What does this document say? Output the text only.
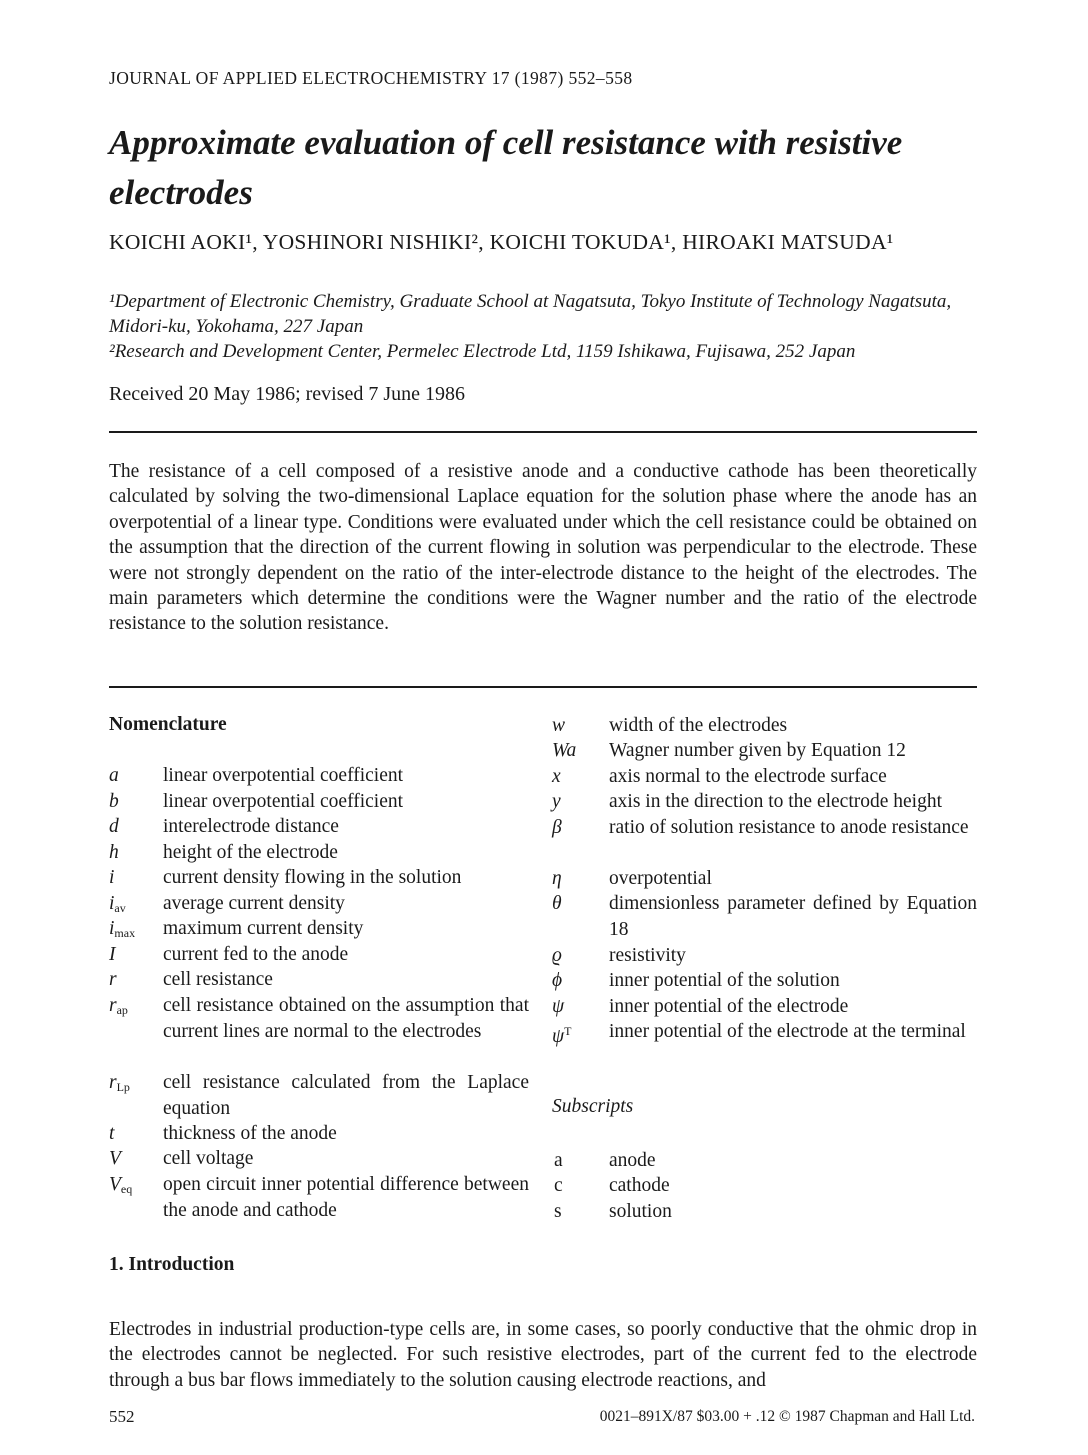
JOURNAL OF APPLIED ELECTROCHEMISTRY 17 (1987) 552–558
Approximate evaluation of cell resistance with resistive electrodes
KOICHI AOKI¹, YOSHINORI NISHIKI², KOICHI TOKUDA¹, HIROAKI MATSUDA¹
¹Department of Electronic Chemistry, Graduate School at Nagatsuta, Tokyo Institute of Technology Nagatsuta, Midori-ku, Yokohama, 227 Japan
²Research and Development Center, Permelec Electrode Ltd, 1159 Ishikawa, Fujisawa, 252 Japan
Received 20 May 1986; revised 7 June 1986

The resistance of a cell composed of a resistive anode and a conductive cathode has been theoretically calculated by solving the two-dimensional Laplace equation for the solution phase where the anode has an overpotential of a linear type. Conditions were evaluated under which the cell resistance could be obtained on the assumption that the direction of the current flowing in solution was perpendicular to the electrode. These were not strongly dependent on the ratio of the inter-electrode distance to the height of the electrodes. The main parameters which determine the conditions were the Wagner number and the ratio of the electrode resistance to the solution resistance.

Nomenclature
a linear overpotential coefficient
b linear overpotential coefficient
d interelectrode distance
h height of the electrode
i current density flowing in the solution
$i_{av}$ average current density
$i_{max}$ maximum current density
I current fed to the anode
r cell resistance
$r_{ap}$ cell resistance obtained on the assumption that current lines are normal to the electrodes
$r_{Lp}$ cell resistance calculated from the Laplace equation
t thickness of the anode
V cell voltage
$V_{eq}$ open circuit inner potential difference between the anode and cathode
w width of the electrodes
Wa Wagner number given by Equation 12
x axis normal to the electrode surface
y axis in the direction to the electrode height
β ratio of solution resistance to anode resistance
η overpotential
θ dimensionless parameter defined by Equation 18
ϱ resistivity
ϕ inner potential of the solution
ψ inner potential of the electrode
$\psi^T$ inner potential of the electrode at the terminal
Subscripts
a anode
c cathode
s solution
1. Introduction

Electrodes in industrial production-type cells are, in some cases, so poorly conductive that the ohmic drop in the electrodes cannot be neglected. For such resistive electrodes, part of the current fed to the electrode through a bus bar flows immediately to the solution causing electrode reactions, and

552	0021–891X/87 $03.00 + .12 © 1987 Chapman and Hall Ltd.
